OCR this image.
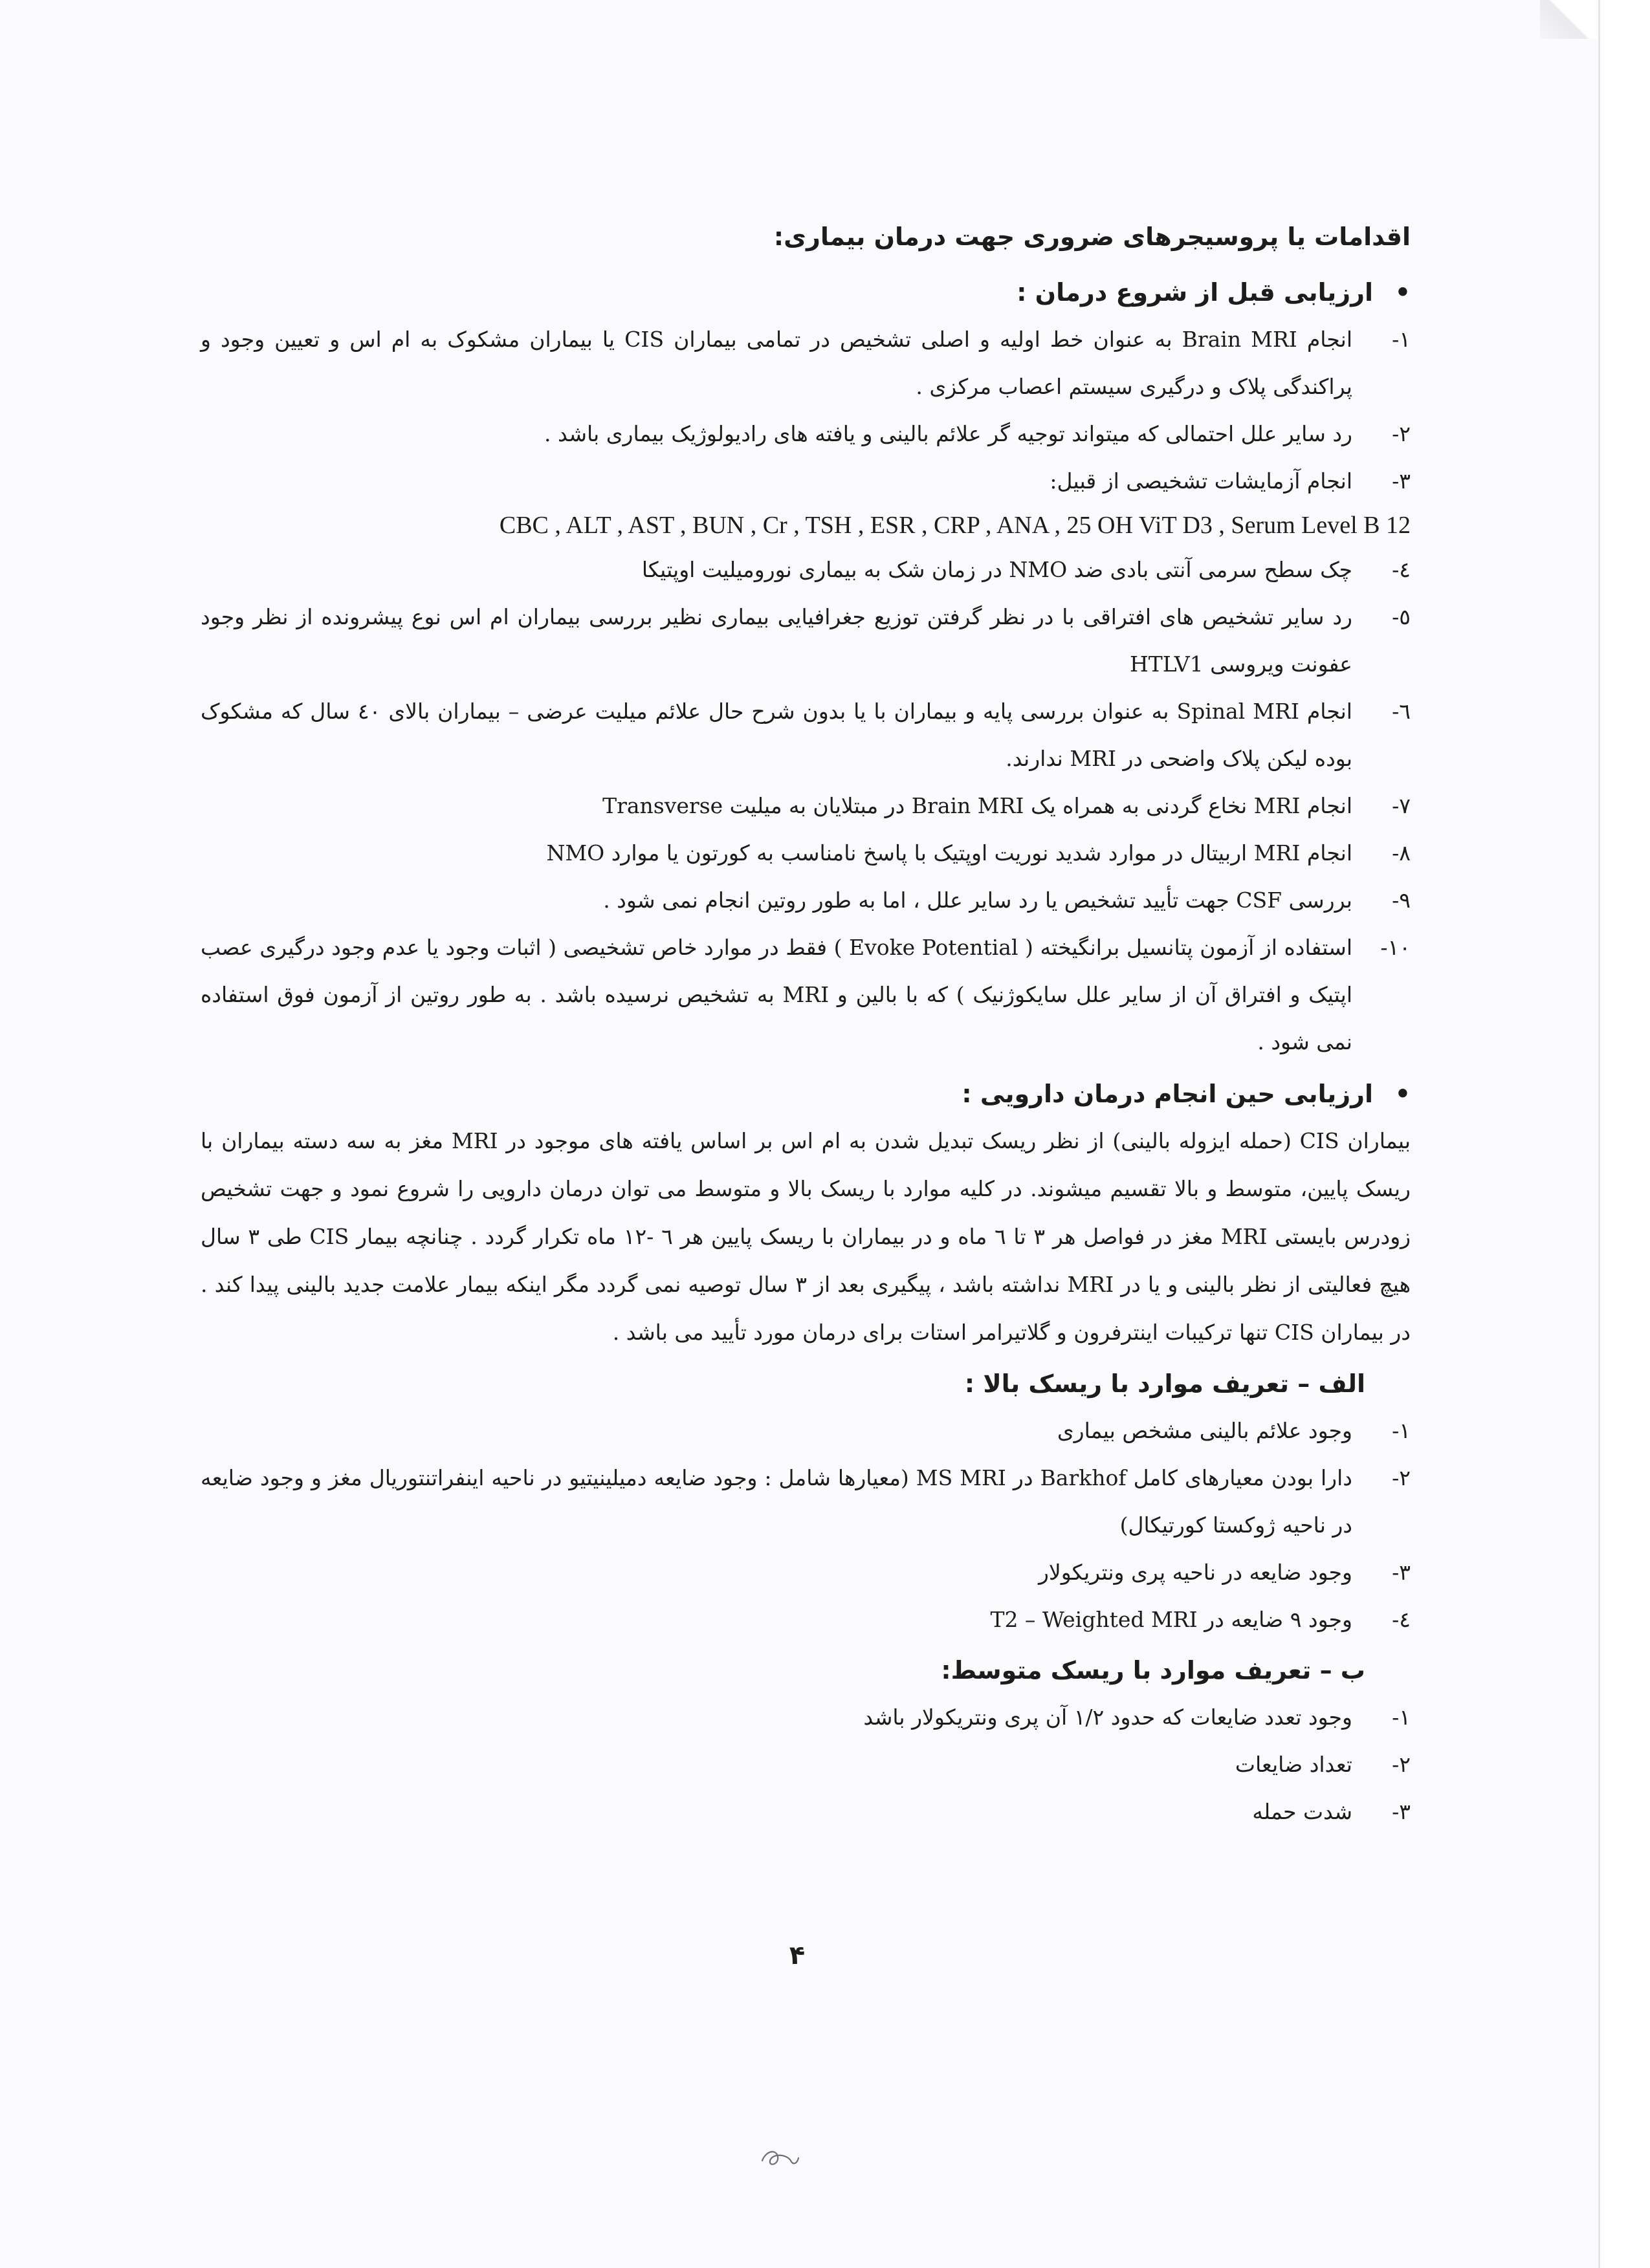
اقدامات یا پروسیجرهای ضروری جهت درمان بیماری:
•
ارزیابی قبل از شروع درمان :
۱-
انجام Brain MRI به عنوان خط اولیه و اصلی تشخیص در تمامی بیماران CIS یا بیماران مشکوک به ام اس و تعیین وجود و پراکندگی پلاک و درگیری سیستم اعصاب مرکزی .
۲-
رد سایر علل احتمالی که میتواند توجیه گر علائم بالینی و یافته های رادیولوژیک بیماری باشد .
۳-
انجام آزمایشات تشخیصی از قبیل:

CBC , ALT , AST , BUN , Cr , TSH , ESR , CRP , ANA , 25 OH ViT D3 , Serum Level B 12

٤-
چک سطح سرمی آنتی بادی ضد NMO در زمان شک به بیماری نورومیلیت اوپتیکا
٥-
رد سایر تشخیص های افتراقی با در نظر گرفتن توزیع جغرافیایی بیماری نظیر بررسی بیماران ام اس نوع پیشرونده از نظر وجود عفونت ویروسی HTLV1
٦-
انجام Spinal MRI به عنوان بررسی پایه و بیماران با یا بدون شرح حال علائم میلیت عرضی – بیماران بالای ٤٠ سال که مشکوک بوده لیکن پلاک واضحی در MRI ندارند.
۷-
انجام MRI نخاع گردنی به همراه یک Brain MRI در مبتلایان به میلیت Transverse
۸-
انجام MRI اربیتال در موارد شدید نوریت اوپتیک با پاسخ نامناسب به کورتون یا موارد NMO
۹-
بررسی CSF جهت تأیید تشخیص یا رد سایر علل ، اما به طور روتین انجام نمی شود .
۱۰-
استفاده از آزمون پتانسیل برانگیخته ( Evoke Potential ) فقط در موارد خاص تشخیصی ( اثبات وجود یا عدم وجود درگیری عصب اپتیک و افتراق آن از سایر علل سایکوژنیک ) که با بالین و MRI به تشخیص نرسیده باشد . به طور روتین از آزمون فوق استفاده نمی شود .
•
ارزیابی حین انجام درمان دارویی :

بیماران CIS (حمله ایزوله بالینی) از نظر ریسک تبدیل شدن به ام اس بر اساس یافته های موجود در MRI مغز به سه دسته بیماران با ریسک پایین، متوسط و بالا تقسیم میشوند. در کلیه موارد با ریسک بالا و متوسط می توان درمان دارویی را شروع نمود و جهت تشخیص زودرس بایستی MRI مغز در فواصل هر ۳ تا ٦ ماه و در بیماران با ریسک پایین هر ٦ -۱۲ ماه تکرار گردد . چنانچه بیمار CIS طی ۳ سال هیچ فعالیتی از نظر بالینی و یا در MRI نداشته باشد ، پیگیری بعد از ۳ سال توصیه نمی گردد مگر اینکه بیمار علامت جدید بالینی پیدا کند . در بیماران CIS تنها ترکیبات اینترفرون و گلاتیرامر استات برای درمان مورد تأیید می باشد .

الف – تعریف موارد با ریسک بالا :
۱-
وجود علائم بالینی مشخص بیماری
۲-
دارا بودن معیارهای کامل Barkhof در MS MRI (معیارها شامل : وجود ضایعه دمیلینیتیو در ناحیه اینفراتنتوریال مغز و وجود ضایعه در ناحیه ژوکستا کورتیکال)
۳-
وجود ضایعه در ناحیه پری ونتریکولار
٤-
وجود ۹ ضایعه در T2 – Weighted MRI
ب – تعریف موارد با ریسک متوسط:
۱-
وجود تعدد ضایعات که حدود ۱/۲ آن پری ونتریکولار باشد
۲-
تعداد ضایعات
۳-
شدت حمله
۴
